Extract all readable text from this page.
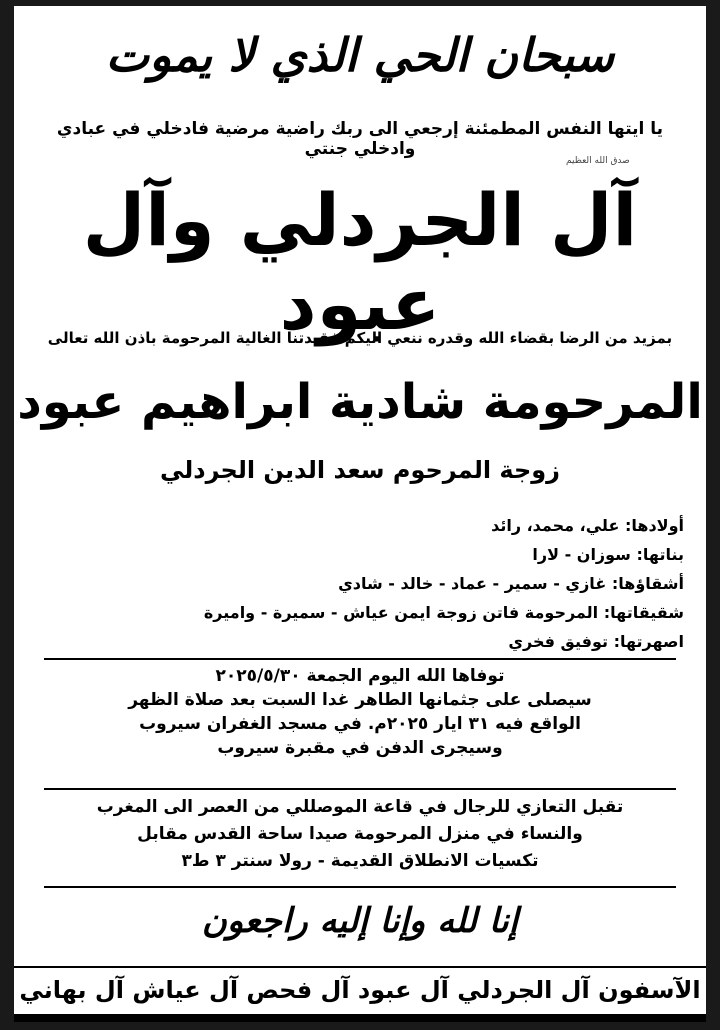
سبحان الحي الذي لا يموت
يا ايتها النفس المطمئنة إرجعي الى ربك راضية مرضية فادخلي في عبادي وادخلي جنتي
صدق الله العظيم
آل الجردلي وآل عبود
بمزيد من الرضا بقضاء الله وقدره ننعي اليكم فقيدتنا الغالية المرحومة باذن الله تعالى
المرحومة شادية ابراهيم عبود
زوجة المرحوم سعد الدين الجردلي
أولادها: علي، محمد، رائد
بناتها: سوزان - لارا
أشقاؤها: غازي - سمير - عماد - خالد - شادي
شقيقاتها: المرحومة فاتن زوجة ايمن عياش - سميرة - واميرة
اصهرتها: توفيق فخري
توفاها الله اليوم الجمعة ٢٠٢٥/٥/٣٠
سيصلى على جثمانها الطاهر غدا السبت بعد صلاة الظهر
الواقع فيه ٣١ ايار ٢٠٢٥م. في مسجد الغفران سيروب
وسيجرى الدفن في مقبرة سيروب
تقبل التعازي للرجال في قاعة الموصللي من العصر الى المغرب
والنساء في منزل المرحومة صيدا ساحة القدس مقابل
تكسيات الانطلاق القديمة - رولا سنتر ٣ ط٣
إنا لله وإنا إليه راجعون
الآسفون آل الجردلي آل عبود آل فحص آل عياش آل بهاني
